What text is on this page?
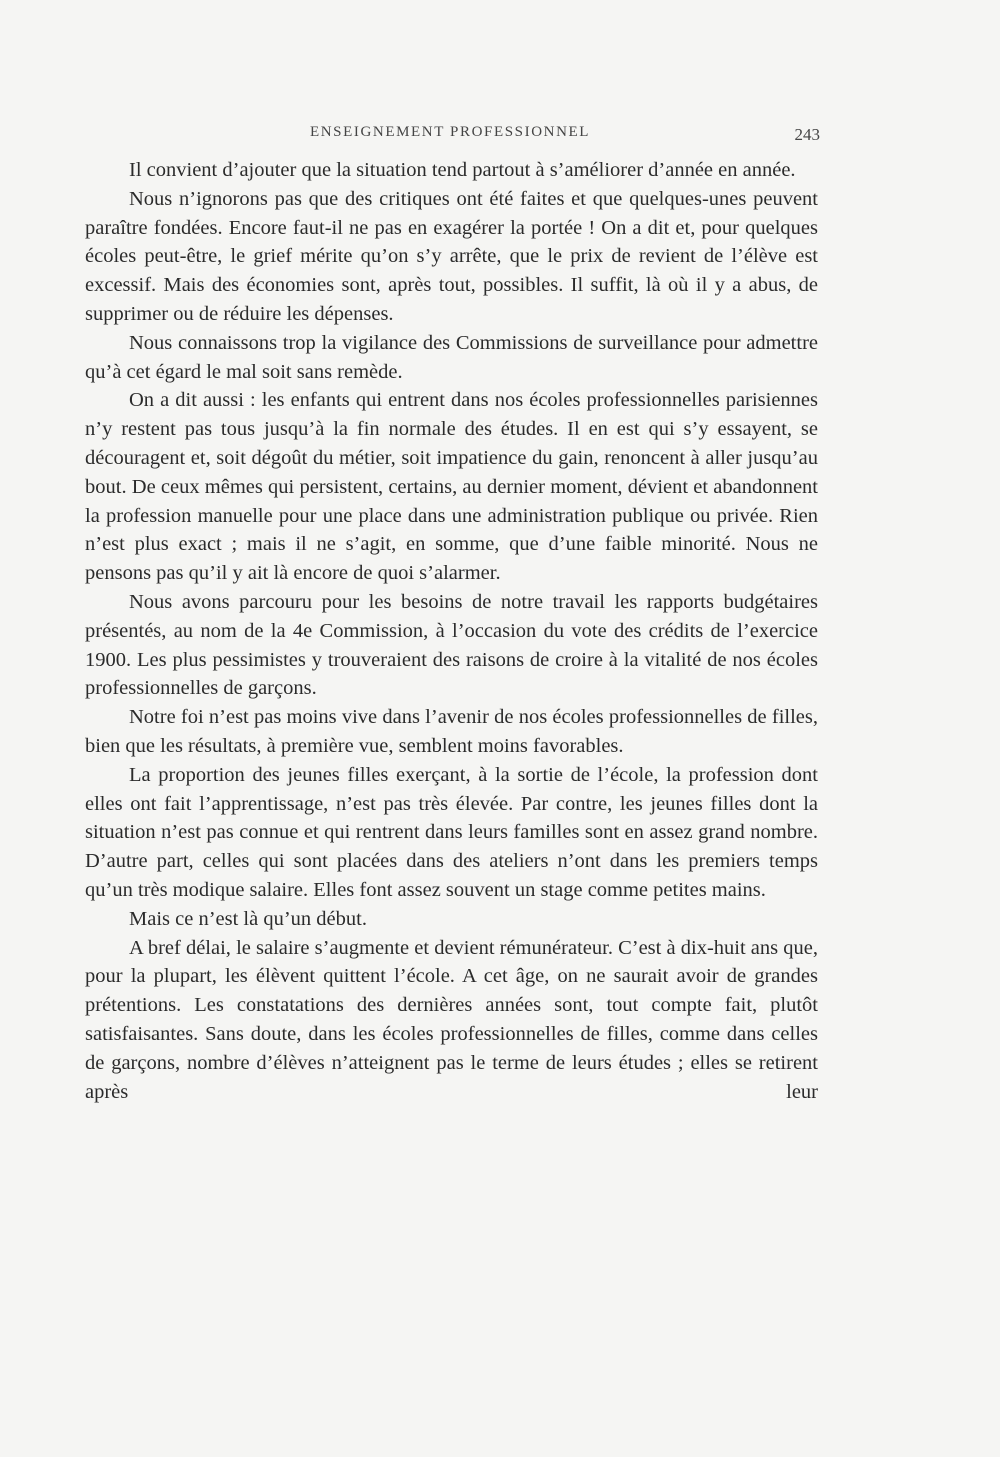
ENSEIGNEMENT PROFESSIONNEL	243

Il convient d’ajouter que la situation tend partout à s’améliorer d’année en année.

Nous n’ignorons pas que des critiques ont été faites et que quelques-unes peuvent paraître fondées. Encore faut-il ne pas en exagérer la portée ! On a dit et, pour quelques écoles peut-être, le grief mérite qu’on s’y arrête, que le prix de revient de l’élève est excessif. Mais des économies sont, après tout, possibles. Il suffit, là où il y a abus, de supprimer ou de réduire les dépenses.

Nous connaissons trop la vigilance des Commissions de surveillance pour admettre qu’à cet égard le mal soit sans remède.

On a dit aussi : les enfants qui entrent dans nos écoles professionnelles parisiennes n’y restent pas tous jusqu’à la fin normale des études. Il en est qui s’y essayent, se découragent et, soit dégoût du métier, soit impatience du gain, renoncent à aller jusqu’au bout. De ceux mêmes qui persistent, certains, au dernier moment, dévient et abandonnent la profession manuelle pour une place dans une administration publique ou privée. Rien n’est plus exact ; mais il ne s’agit, en somme, que d’une faible minorité. Nous ne pensons pas qu’il y ait là encore de quoi s’alarmer.

Nous avons parcouru pour les besoins de notre travail les rapports budgétaires présentés, au nom de la 4e Commission, à l’occasion du vote des crédits de l’exercice 1900. Les plus pessimistes y trouveraient des raisons de croire à la vitalité de nos écoles professionnelles de garçons.

Notre foi n’est pas moins vive dans l’avenir de nos écoles professionnelles de filles, bien que les résultats, à première vue, semblent moins favorables.

La proportion des jeunes filles exerçant, à la sortie de l’école, la profession dont elles ont fait l’apprentissage, n’est pas très élevée. Par contre, les jeunes filles dont la situation n’est pas connue et qui rentrent dans leurs familles sont en assez grand nombre. D’autre part, celles qui sont placées dans des ateliers n’ont dans les premiers temps qu’un très modique salaire. Elles font assez souvent un stage comme petites mains.

Mais ce n’est là qu’un début.

A bref délai, le salaire s’augmente et devient rémunérateur. C’est à dix-huit ans que, pour la plupart, les élèvent quittent l’école. A cet âge, on ne saurait avoir de grandes prétentions. Les constatations des dernières années sont, tout compte fait, plutôt satisfaisantes. Sans doute, dans les écoles professionnelles de filles, comme dans celles de garçons, nombre d’élèves n’atteignent pas le terme de leurs études ; elles se retirent après leur
